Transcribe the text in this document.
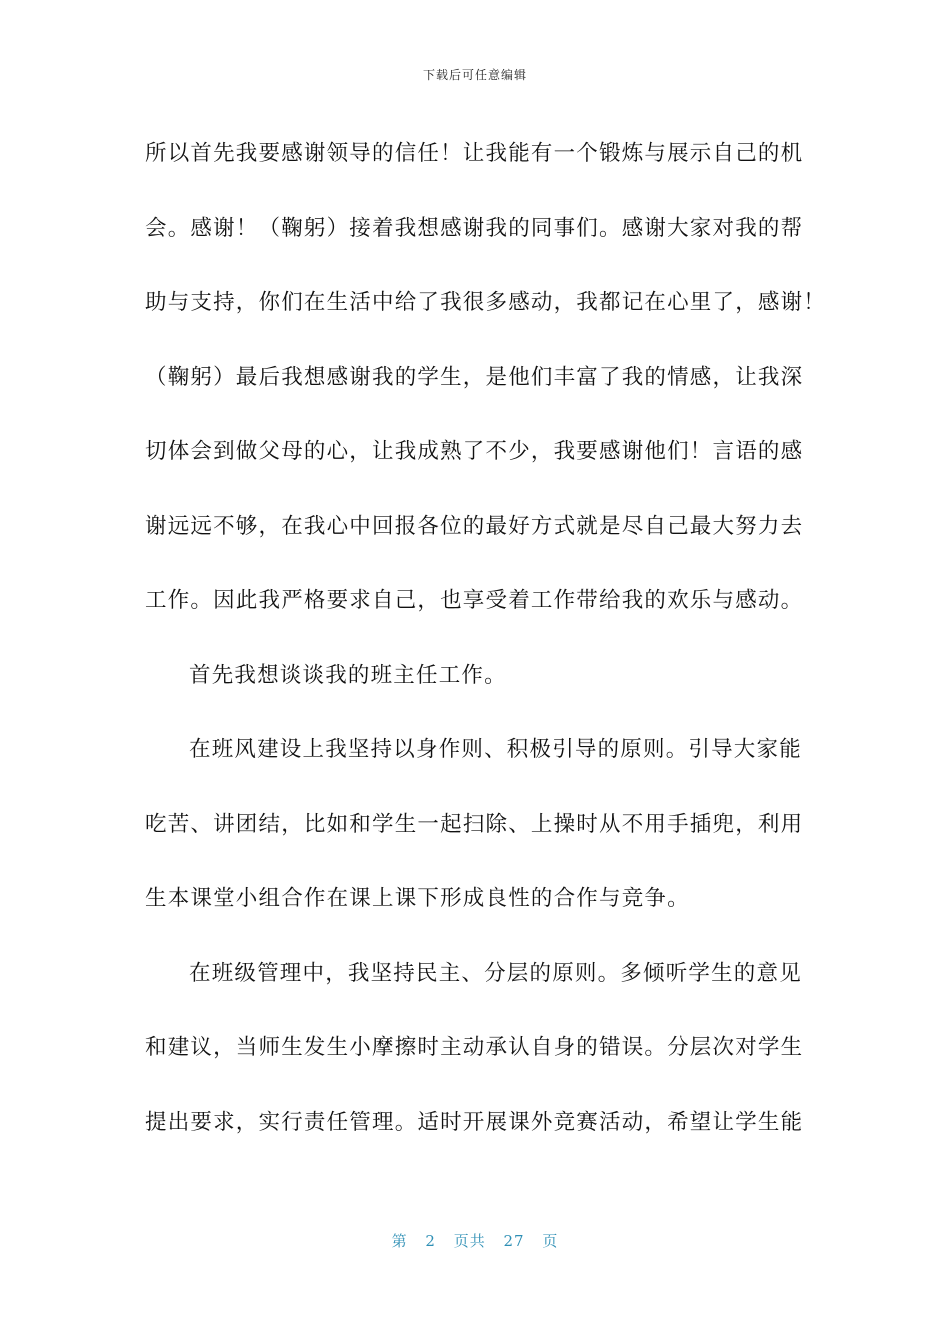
下载后可任意编辑
所以首先我要感谢领导的信任！让我能有一个锻炼与展示自己的机
会。感谢！（鞠躬）接着我想感谢我的同事们。感谢大家对我的帮
助与支持，你们在生活中给了我很多感动，我都记在心里了，感谢！
（鞠躬）最后我想感谢我的学生，是他们丰富了我的情感，让我深
切体会到做父母的心，让我成熟了不少，我要感谢他们！言语的感
谢远远不够，在我心中回报各位的最好方式就是尽自己最大努力去
工作。因此我严格要求自己，也享受着工作带给我的欢乐与感动。
首先我想谈谈我的班主任工作。
在班风建设上我坚持以身作则、积极引导的原则。引导大家能
吃苦、讲团结，比如和学生一起扫除、上操时从不用手插兜，利用
生本课堂小组合作在课上课下形成良性的合作与竞争。
在班级管理中，我坚持民主、分层的原则。多倾听学生的意见
和建议，当师生发生小摩擦时主动承认自身的错误。分层次对学生
提出要求，实行责任管理。适时开展课外竞赛活动，希望让学生能
第 2 页共 27 页
